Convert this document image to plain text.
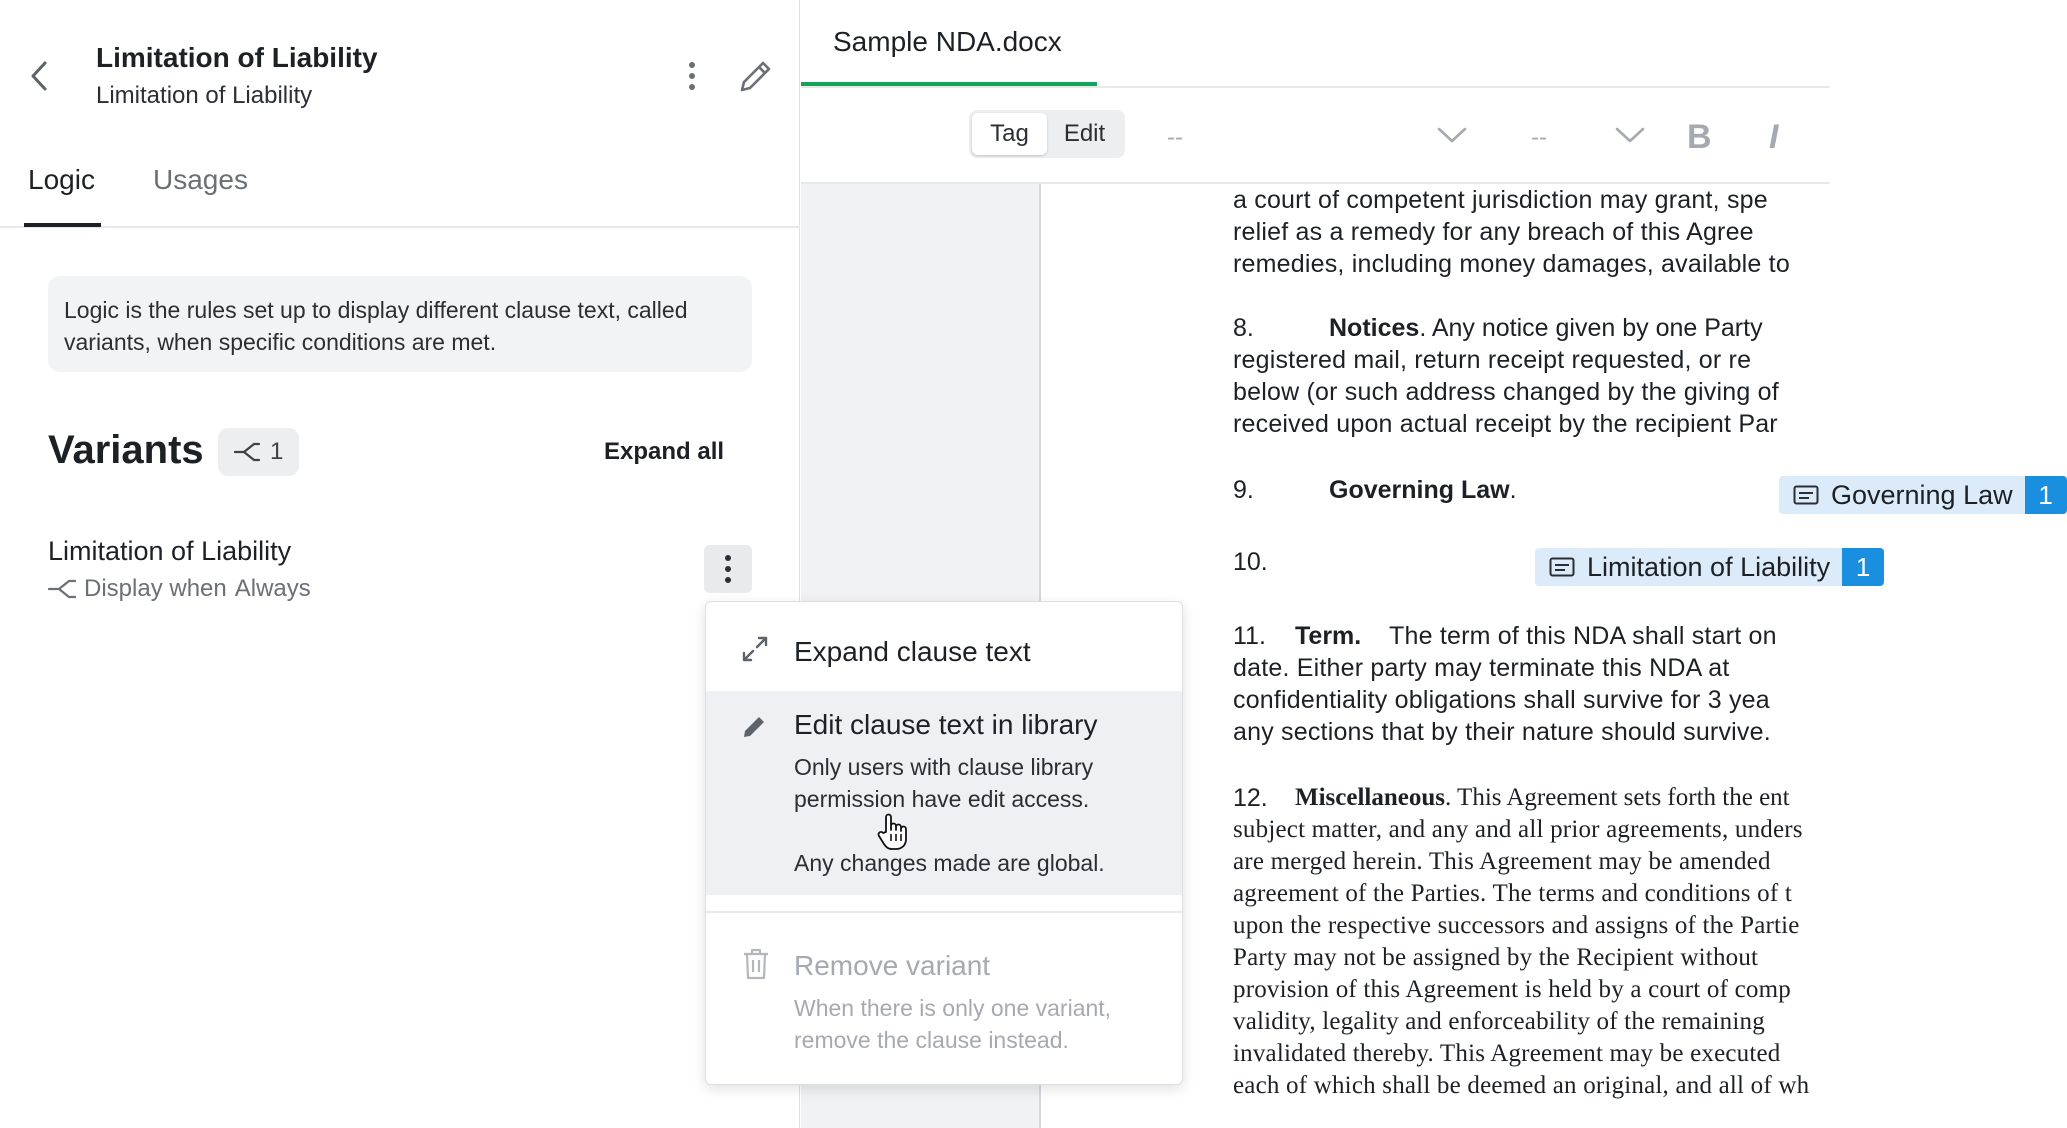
Limitation of Liability
Limitation of Liability
Logic Usages
Logic is the rules set up to display different clause text, called variants, when specific conditions are met.
Variants	1	Expand all
Limitation of Liability
Display when Always
Sample NDA.docx
Tag	Edit	--	--	B I
a court of competent jurisdiction may grant, spe
relief as a remedy for any breach of this Agree
remedies, including money damages, available to
8.	Notices. Any notice given by one Party
registered mail, return receipt requested, or re
below (or such address changed by the giving of
received upon actual receipt by the recipient Par
9.	Governing Law.	Governing Law 1
10.	Limitation of Liability 1
11. Term. The term of this NDA shall start on
date. Either party may terminate this NDA at
confidentiality obligations shall survive for 3 yea
any sections that by their nature should survive.
12. Miscellaneous. This Agreement sets forth the ent
subject matter, and any and all prior agreements, unders
are merged herein. This Agreement may be amended
agreement of the Parties. The terms and conditions of t
upon the respective successors and assigns of the Partie
Party may not be assigned by the Recipient without
provision of this Agreement is held by a court of comp
validity, legality and enforceability of the remaining
invalidated thereby. This Agreement may be executed
each of which shall be deemed an original, and all of wh
Expand clause text
Edit clause text in library
Only users with clause library permission have edit access.
Any changes made are global.
Remove variant
When there is only one variant, remove the clause instead.
